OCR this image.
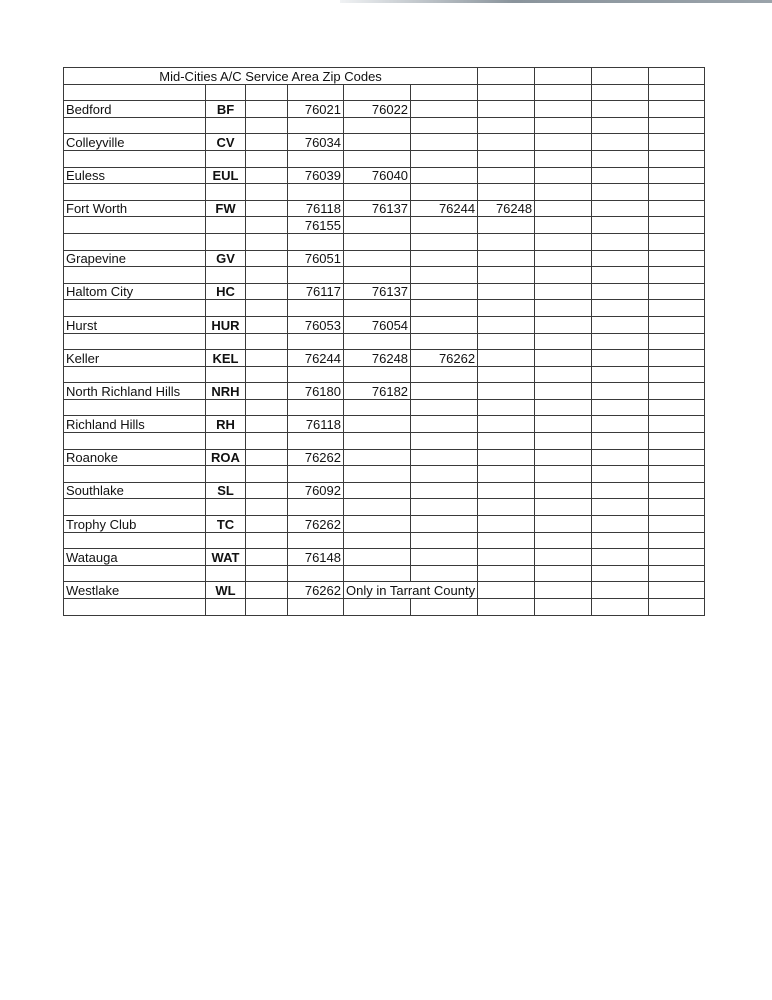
Mid-Cities A/C Service Area Zip Codes									

Bedford	BF		76021	76022					

Colleyville	CV		76034						

Euless	EUL		76039	76040					

Fort Worth	FW		76118	76137	76244	76248			
			76155						

Grapevine	GV		76051						

Haltom City	HC		76117	76137					

Hurst	HUR		76053	76054					

Keller	KEL		76244	76248	76262				

North Richland Hills	NRH		76180	76182					

Richland Hills	RH		76118						

Roanoke	ROA		76262						

Southlake	SL		76092						

Trophy Club	TC		76262						

Watauga	WAT		76148						

Westlake	WL		76262	Only in Tarrant County					
